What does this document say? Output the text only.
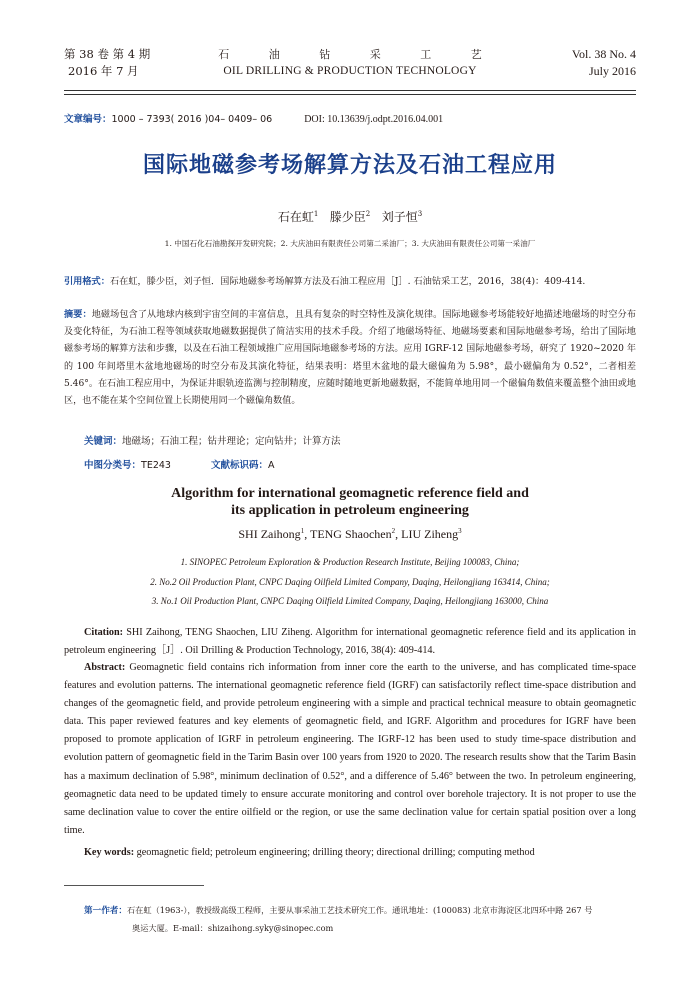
第 38 卷 第 4 期
2016 年 7 月
石 油 钻 采 工 艺
OIL DRILLING & PRODUCTION TECHNOLOGY
Vol. 38 No. 4
July 2016
文章编号：1000 – 7393( 2016 )04– 0409– 06	DOI: 10.13639/j.odpt.2016.04.001
国际地磁参考场解算方法及石油工程应用
石在虹$^1$ 滕少臣$^2$ 刘子恒$^3$
1. 中国石化石油勘探开发研究院；2. 大庆油田有限责任公司第二采油厂；3. 大庆油田有限责任公司第一采油厂
引用格式：石在虹，滕少臣，刘子恒．国际地磁参考场解算方法及石油工程应用［J］. 石油钻采工艺，2016，38(4)：409-414.
摘要：地磁场包含了从地球内核到宇宙空间的丰富信息，且具有复杂的时空特性及演化规律。国际地磁参考场能较好地描述地磁场的时空分布及变化特征，为石油工程等领域获取地磁数据提供了简洁实用的技术手段。介绍了地磁场特征、地磁场要素和国际地磁参考场，给出了国际地磁参考场的解算方法和步骤，以及在石油工程领域推广应用国际地磁参考场的方法。应用 IGRF-12 国际地磁参考场，研究了 1920~2020 年的 100 年间塔里木盆地地磁场的时空分布及其演化特征，结果表明：塔里木盆地的最大磁偏角为 5.98°，最小磁偏角为 0.52°，二者相差 5.46°。在石油工程应用中，为保证井眼轨迹监测与控制精度，应随时随地更新地磁数据，不能简单地用同一个磁偏角数值来覆盖整个油田或地区，也不能在某个空间位置上长期使用同一个磁偏角数值。
关键词：地磁场；石油工程；钻井理论；定向钻井；计算方法
中图分类号：TE243	文献标识码：A
Algorithm for international geomagnetic reference field and
its application in petroleum engineering
SHI Zaihong$^1$, TENG Shaochen$^2$, LIU Ziheng$^3$
1. SINOPEC Petroleum Exploration & Production Research Institute, Beijing 100083, China;
2. No.2 Oil Production Plant, CNPC Daqing Oilfield Limited Company, Daqing, Heilongjiang 163414, China;
3. No.1 Oil Production Plant, CNPC Daqing Oilfield Limited Company, Daqing, Heilongjiang 163000, China
Citation: SHI Zaihong, TENG Shaochen, LIU Ziheng. Algorithm for international geomagnetic reference field and its application in petroleum engineering［J］. Oil Drilling & Production Technology, 2016, 38(4): 409-414.
Abstract: Geomagnetic field contains rich information from inner core the earth to the universe, and has complicated time-space features and evolution patterns. The international geomagnetic reference field (IGRF) can satisfactorily reflect time-space distribution and changes of the geomagnetic field, and provide petroleum engineering with a simple and practical technical measure to obtain geomagnetic data. This paper reviewed features and key elements of geomagnetic field, and IGRF. Algorithm and procedures for IGRF have been proposed to promote application of IGRF in petroleum engineering. The IGRF-12 has been used to study time-space distribution and evolution pattern of geomagnetic field in the Tarim Basin over 100 years from 1920 to 2020. The research results show that the Tarim Basin has a maximum declination of 5.98°, minimum declination of 0.52°, and a difference of 5.46° between the two. In petroleum engineering, geomagnetic data need to be updated timely to ensure accurate monitoring and control over borehole trajectory. It is not proper to use the same declination value to cover the entire oilfield or the region, or use the same declination value for certain spatial position over a long time.
Key words: geomagnetic field; petroleum engineering; drilling theory; directional drilling; computing method
第一作者：石在虹（1963-），教授级高级工程师，主要从事采油工艺技术研究工作。通讯地址：(100083) 北京市海淀区北四环中路 267 号
奥运大厦。E-mail：shizaihong.syky@sinopec.com
